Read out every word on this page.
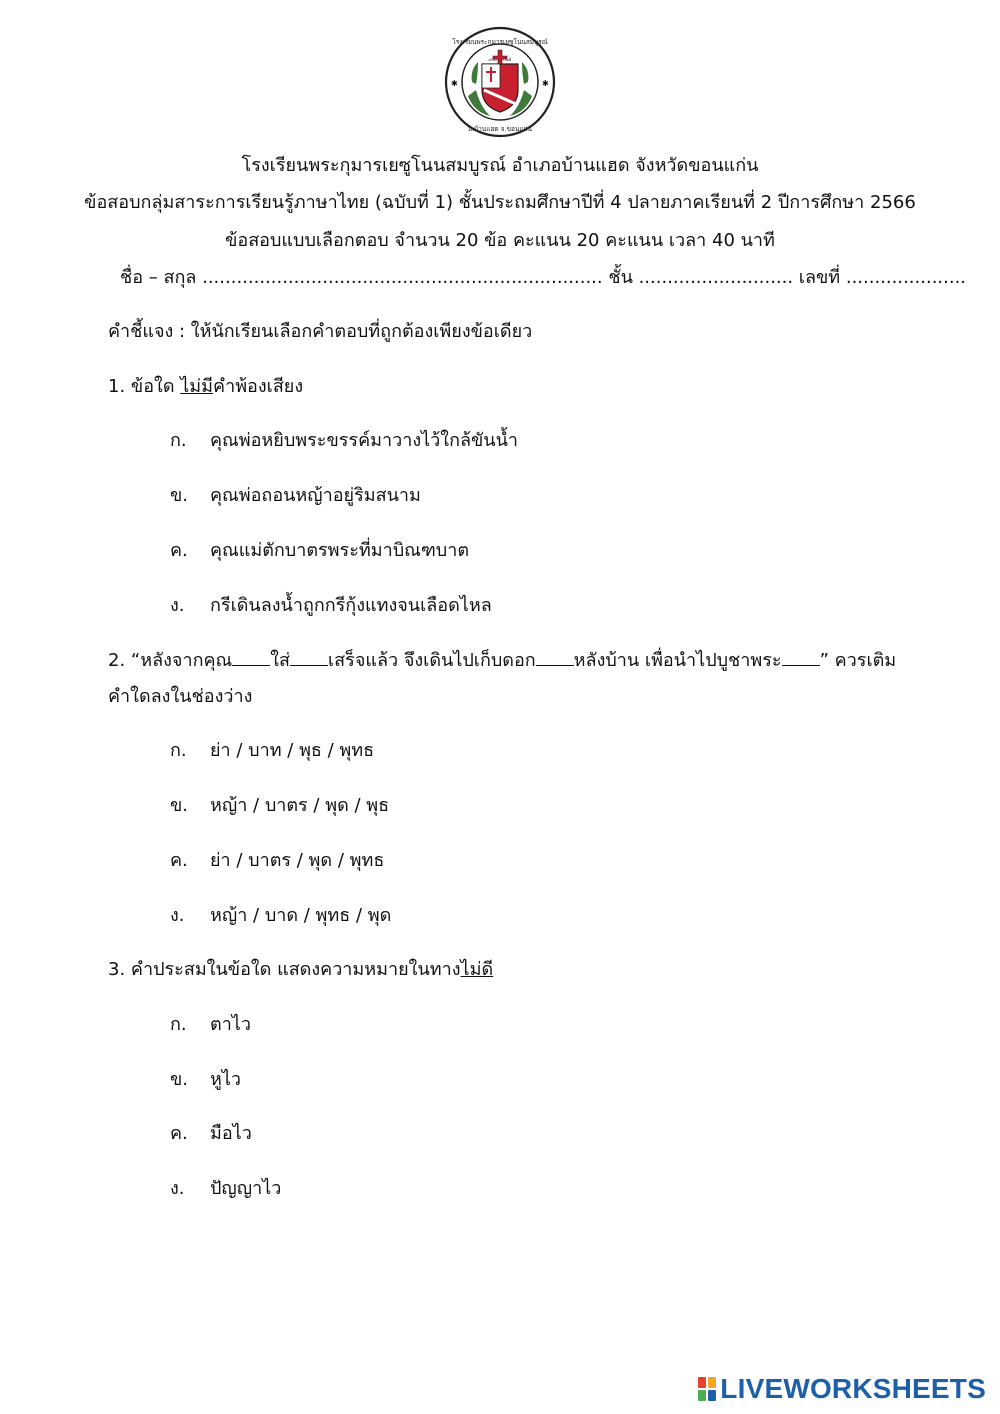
✱	✱
โรงเรียนพระกุมารเยซูโนนสมบูรณ์
อ.บ้านแฮด จ.ขอนแก่น
ศรัทธา สามัคคี
โรงเรียนพระกุมารเยซูโนนสมบูรณ์ อำเภอบ้านแฮด จังหวัดขอนแก่น
ข้อสอบกลุ่มสาระการเรียนรู้ภาษาไทย (ฉบับที่ 1) ชั้นประถมศึกษาปีที่ 4 ปลายภาคเรียนที่ 2 ปีการศึกษา 2566
ข้อสอบแบบเลือกตอบ จำนวน 20 ข้อ คะแนน 20 คะแนน เวลา 40 นาที
ชื่อ – สกุล ...................................................................... ชั้น ........................... เลขที่ .....................
คำชี้แจง : ให้นักเรียนเลือกคำตอบที่ถูกต้องเพียงข้อเดียว
1. ข้อใด ไม่มีคำพ้องเสียง
ก. คุณพ่อหยิบพระขรรค์มาวางไว้ใกล้ขันน้ำ
ข. คุณพ่อถอนหญ้าอยู่ริมสนาม
ค. คุณแม่ตักบาตรพระที่มาบิณฑบาต
ง. กรีเดินลงน้ำถูกกรีกุ้งแทงจนเลือดไหล
2. “หลังจากคุณ ใส่ เสร็จแล้ว จึงเดินไปเก็บดอก หลังบ้าน เพื่อนำไปบูชาพระ ” ควรเติม
คำใดลงในช่องว่าง
ก. ย่า / บาท / พุธ / พุทธ
ข. หญ้า / บาตร / พุด / พุธ
ค. ย่า / บาตร / พุด / พุทธ
ง. หญ้า / บาด / พุทธ / พุด
3. คำประสมในข้อใด แสดงความหมายในทางไม่ดี
ก. ตาไว
ข. หูไว
ค. มือไว
ง. ปัญญาไว
LIVEWORKSHEETS
